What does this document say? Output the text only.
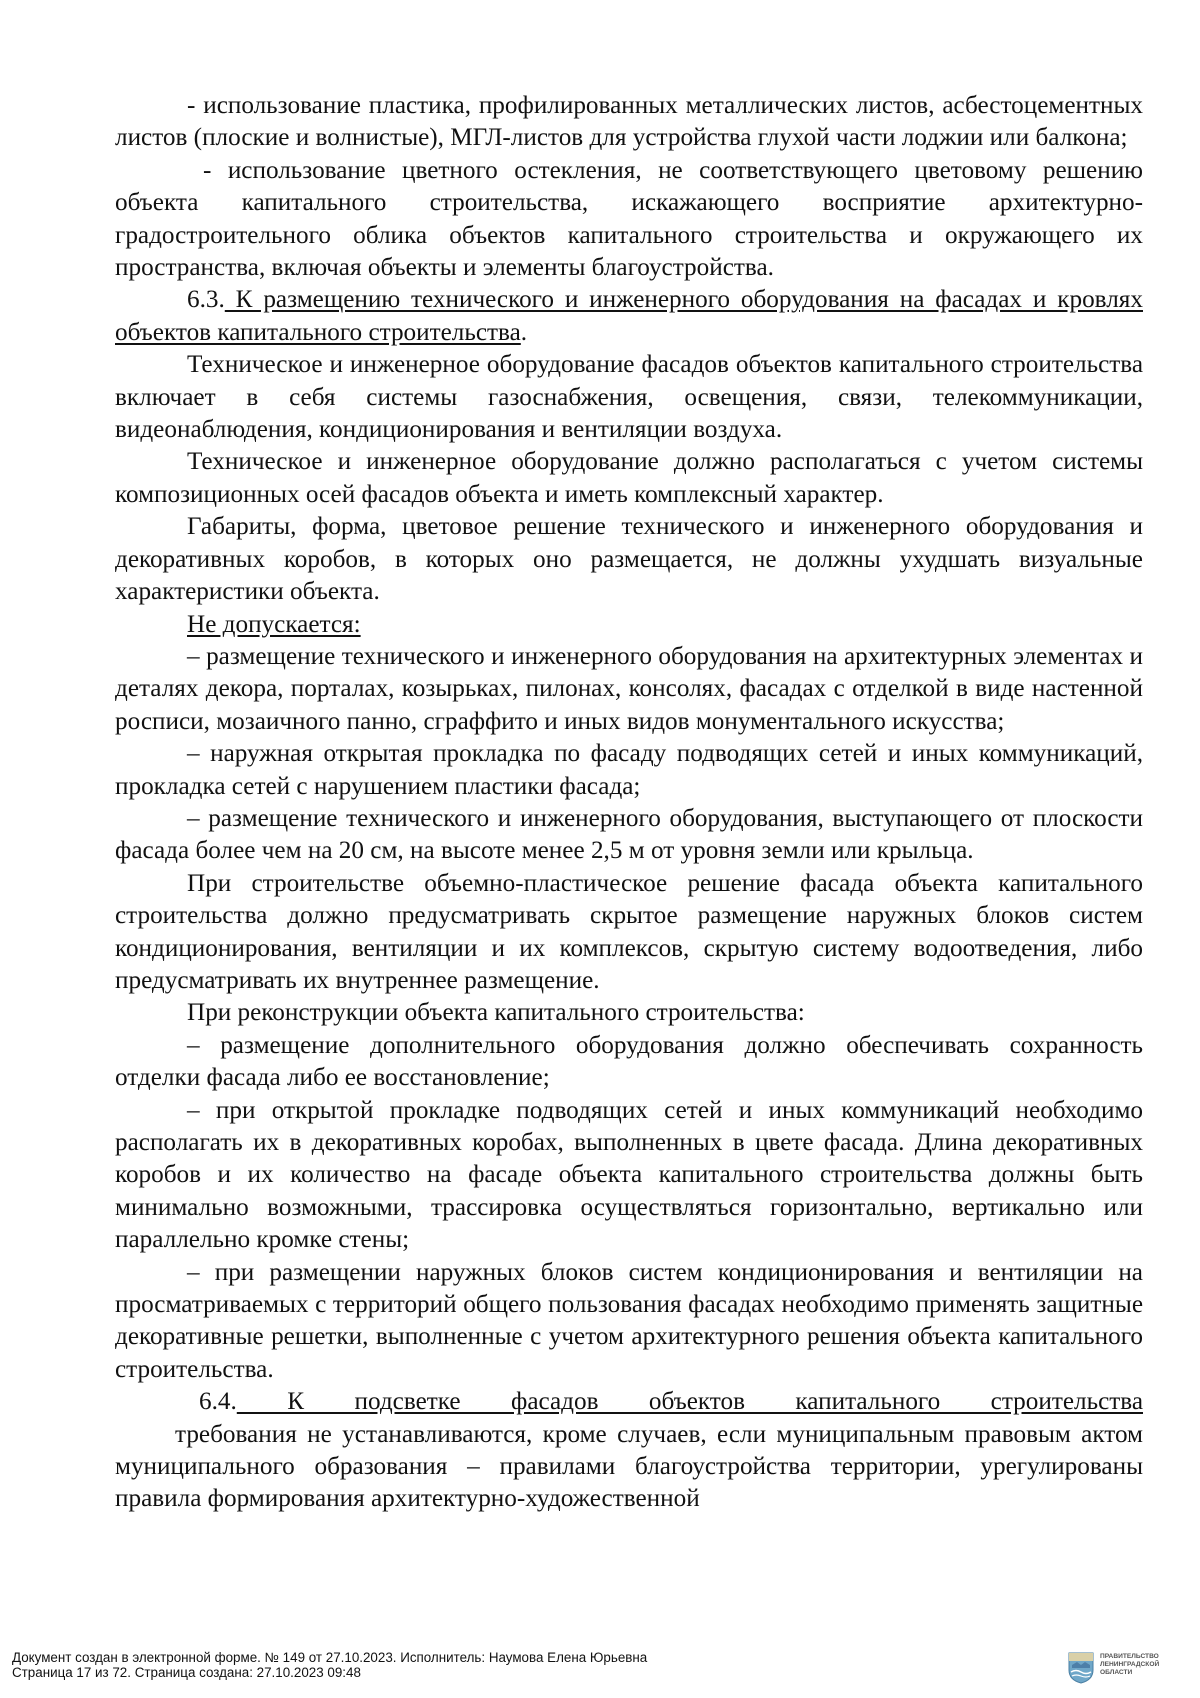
- использование пластика, профилированных металлических листов, асбестоцементных листов (плоские и волнистые), МГЛ-листов для устройства глухой части лоджии или балкона;

- использование цветного остекления, не соответствующего цветовому решению объекта капитального строительства, искажающего восприятие архитектурно-градостроительного облика объектов капитального строительства и окружающего их пространства, включая объекты и элементы благоустройства.

6.3. К размещению технического и инженерного оборудования на фасадах и кровлях объектов капитального строительства.

Техническое и инженерное оборудование фасадов объектов капитального строительства включает в себя системы газоснабжения, освещения, связи, телекоммуникации, видеонаблюдения, кондиционирования и вентиляции воздуха.

Техническое и инженерное оборудование должно располагаться с учетом системы композиционных осей фасадов объекта и иметь комплексный характер.

Габариты, форма, цветовое решение технического и инженерного оборудования и декоративных коробов, в которых оно размещается, не должны ухудшать визуальные характеристики объекта.

Не допускается:

– размещение технического и инженерного оборудования на архитектурных элементах и деталях декора, порталах, козырьках, пилонах, консолях, фасадах с отделкой в виде настенной росписи, мозаичного панно, сграффито и иных видов монументального искусства;

– наружная открытая прокладка по фасаду подводящих сетей и иных коммуникаций, прокладка сетей с нарушением пластики фасада;

– размещение технического и инженерного оборудования, выступающего от плоскости фасада более чем на 20 см, на высоте менее 2,5 м от уровня земли или крыльца.

При строительстве объемно-пластическое решение фасада объекта капитального строительства должно предусматривать скрытое размещение наружных блоков систем кондиционирования, вентиляции и их комплексов, скрытую систему водоотведения, либо предусматривать их внутреннее размещение.

При реконструкции объекта капитального строительства:

– размещение дополнительного оборудования должно обеспечивать сохранность отделки фасада либо ее восстановление;

– при открытой прокладке подводящих сетей и иных коммуникаций необходимо располагать их в декоративных коробах, выполненных в цвете фасада. Длина декоративных коробов и их количество на фасаде объекта капитального строительства должны быть минимально возможными, трассировка осуществляться горизонтально, вертикально или параллельно кромке стены;

– при размещении наружных блоков систем кондиционирования и вентиляции на просматриваемых с территорий общего пользования фасадах необходимо применять защитные декоративные решетки, выполненные с учетом архитектурного решения объекта капитального строительства.

6.4. К подсветке фасадов объектов капитального строительства

требования не устанавливаются, кроме случаев, если муниципальным правовым актом муниципального образования – правилами благоустройства территории, урегулированы правила формирования архитектурно-художественной

Документ создан в электронной форме. № 149 от 27.10.2023. Исполнитель: Наумова Елена Юрьевна
Страница 17 из 72. Страница создана: 27.10.2023 09:48
ПРАВИТЕЛЬСТВО
ЛЕНИНГРАДСКОЙ
ОБЛАСТИ
